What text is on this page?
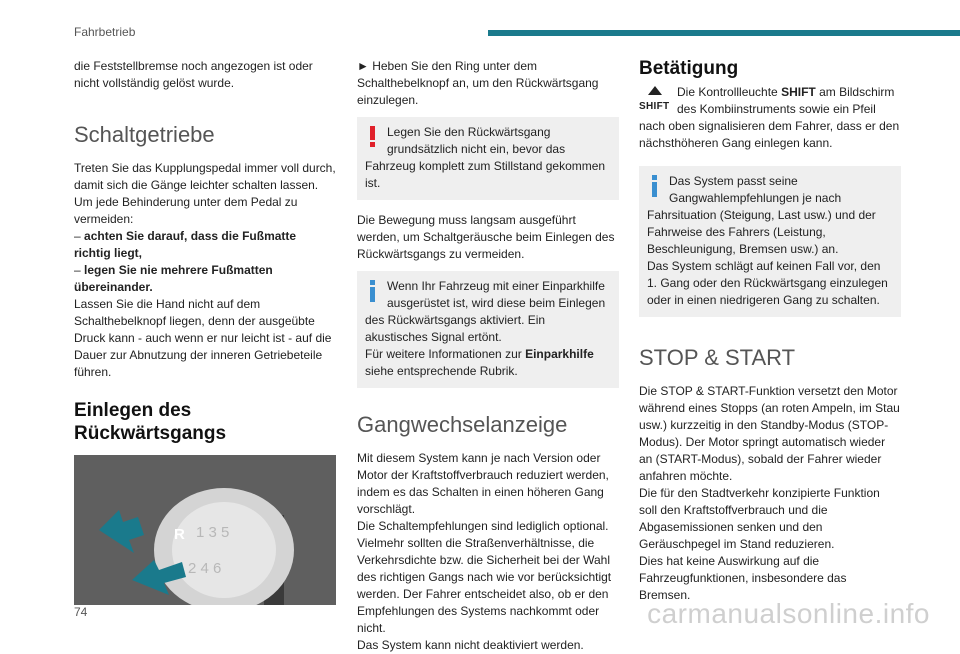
Fahrbetrieb

die Feststellbremse noch angezogen ist oder nicht vollständig gelöst wurde.

Schaltgetriebe

Treten Sie das Kupplungspedal immer voll durch, damit sich die Gänge leichter schalten lassen.

Um jede Behinderung unter dem Pedal zu vermeiden:

– achten Sie darauf, dass die Fußmatte richtig liegt,

– legen Sie nie mehrere Fußmatten übereinander.

Lassen Sie die Hand nicht auf dem Schalthebelknopf liegen, denn der ausgeübte Druck kann - auch wenn er nur leicht ist - auf die Dauer zur Abnutzung der inneren Getriebeteile führen.

Einlegen des Rückwärtsgangs
1 3 5
2 4 6
R

► Heben Sie den Ring unter dem Schalthebelknopf an, um den Rückwärtsgang einzulegen.

Legen Sie den Rückwärtsgang grundsätzlich nicht ein, bevor das
Fahrzeug komplett zum Stillstand gekommen ist.

Die Bewegung muss langsam ausgeführt werden, um Schaltgeräusche beim Einlegen des Rückwärtsgangs zu vermeiden.

Wenn Ihr Fahrzeug mit einer Einparkhilfe ausgerüstet ist, wird diese beim Einlegen
des Rückwärtsgangs aktiviert. Ein akustisches Signal ertönt.
Für weitere Informationen zur Einparkhilfe siehe entsprechende Rubrik.
Gangwechselanzeige

Mit diesem System kann je nach Version oder Motor der Kraftstoffverbrauch reduziert werden, indem es das Schalten in einen höheren Gang vorschlägt.

Die Schaltempfehlungen sind lediglich optional. Vielmehr sollten die Straßenverhältnisse, die Verkehrsdichte bzw. die Sicherheit bei der Wahl des richtigen Gangs nach wie vor berücksichtigt werden. Der Fahrer entscheidet also, ob er den Empfehlungen des Systems nachkommt oder nicht.

Das System kann nicht deaktiviert werden.

Betätigung
SHIFT
Die Kontrollleuchte SHIFT am Bildschirm des Kombiinstruments sowie ein Pfeil nach oben signalisieren dem Fahrer, dass er den nächsthöheren Gang einlegen kann.
Das System passt seine Gangwahlempfehlungen je nach
Fahrsituation (Steigung, Last usw.) und der Fahrweise des Fahrers (Leistung, Beschleunigung, Bremsen usw.) an.
Das System schlägt auf keinen Fall vor, den 1. Gang oder den Rückwärtsgang einzulegen oder in einen niedrigeren Gang zu schalten.
STOP & START

Die STOP & START-Funktion versetzt den Motor während eines Stopps (an roten Ampeln, im Stau usw.) kurzzeitig in den Standby-Modus (STOP-Modus). Der Motor springt automatisch wieder an (START-Modus), sobald der Fahrer wieder anfahren möchte.

Die für den Stadtverkehr konzipierte Funktion soll den Kraftstoffverbrauch und die Abgasemissionen senken und den Geräuschpegel im Stand reduzieren.

Dies hat keine Auswirkung auf die Fahrzeugfunktionen, insbesondere das Bremsen.

74	carmanualsonline.info
